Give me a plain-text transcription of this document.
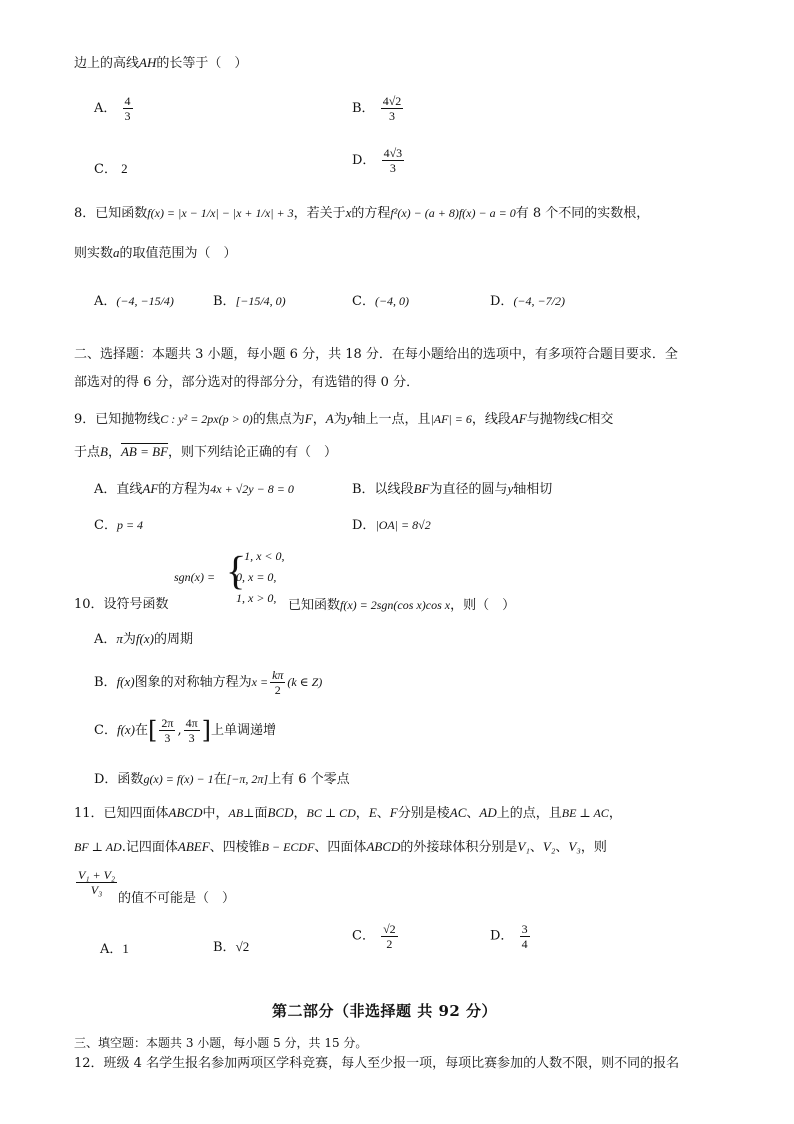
边上的高线AH的长等于（　）
A． $\frac{4}{3}$	B． $\frac{4√2}{3}$
C． 2
D． $\frac{4√3}{3}$
8．已知函数f(x) = |x − 1/x| − |x + 1/x| + 3，若关于x的方程f²(x) − (a + 8)f(x) − a = 0有 8 个不同的实数根，
则实数a的取值范围为（　）
A．(−4, −15/4)	B．[−15/4, 0)	C．(−4, 0)	D．(−4, −7/2)
二、选择题：本题共 3 小题，每小题 6 分，共 18 分．在每小题给出的选项中，有多项符合题目要求．全
部选对的得 6 分，部分选对的得部分分，有选错的得 0 分．
9．已知抛物线C : y² = 2px(p > 0)的焦点为F，A为y轴上一点，且|AF| = 6，线段AF与抛物线C相交
于点B，AB = BF，则下列结论正确的有（　）
A．直线AF的方程为4x + √2y − 8 = 0	B．以线段BF为直径的圆与y轴相切
C．p = 4	D．|OA| = 8√2
{
−1, x < 0,
0, x = 0,
1, x > 0,
sgn(x) =
10．设符号函数	已知函数f(x) = 2sgn(cos x)cos x，则（　）
A．π为f(x)的周期
B．f(x)图象的对称轴方程为$x = \frac{k\pi}{2} (k$ ∈ Z)
C．f(x)在[ $\frac{2\pi}{3}$ , $\frac{4\pi}{3}$ ]上单调递增
D．函数g(x) = f(x) − 1在[−π, 2π]上有 6 个零点
11．已知四面体ABCD中，AB⊥面BCD，BC ⊥ CD，E、F分别是棱AC、AD上的点，且BE ⊥ AC，
BF ⊥ AD.记四面体ABEF、四棱锥B − ECDF、四面体ABCD的外接球体积分别是V₁、V₂、V₃，则
$\frac{\text{V₁ + V₂}}{\text{V₃}}$
的值不可能是（　）
A．1	B．√2
C． $\frac{√2}{2}$	D． $\frac{3}{4}$
第二部分（非选择题 共 92 分）
三、填空题：本题共 3 小题，每小题 5 分，共 15 分。
12．班级 4 名学生报名参加两项区学科竞赛，每人至少报一项，每项比赛参加的人数不限，则不同的报名
